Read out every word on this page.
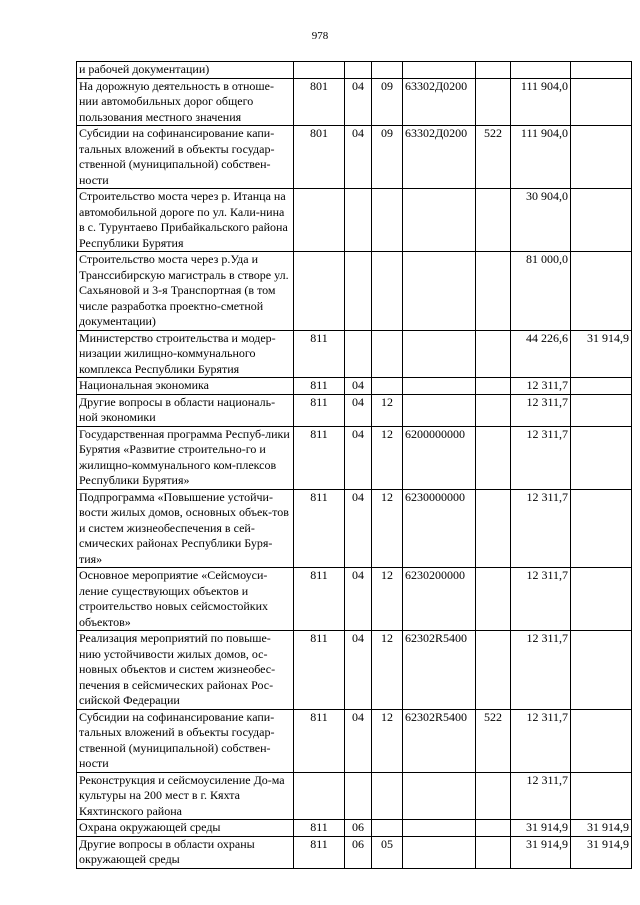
978
и рабочей документации)							
На дорожную деятельность в отноше-нии автомобильных дорог общего пользования местного значения	801	04	09	63302Д0200		111 904,0	
Субсидии на софинансирование капи-тальных вложений в объекты государ-ственной (муниципальной) собствен-ности	801	04	09	63302Д0200	522	111 904,0	
Строительство моста через р. Итанца на автомобильной дороге по ул. Кали-нина в с. Турунтаево Прибайкальского района Республики Бурятия						30 904,0	
Строительство моста через р.Уда и Транссибирскую магистраль в створе ул. Сахьяновой и 3-я Транспортная (в том числе разработка проектно-сметной документации)						81 000,0	
Министерство строительства и модер-низации жилищно-коммунального комплекса Республики Бурятия	811					44 226,6	31 914,9
Национальная экономика	811	04				12 311,7	
Другие вопросы в области националь-ной экономики	811	04	12			12 311,7	
Государственная программа Респуб-лики Бурятия «Развитие строительно-го и жилищно-коммунального ком-плексов Республики Бурятия»	811	04	12	6200000000		12 311,7	
Подпрограмма «Повышение устойчи-вости жилых домов, основных объек-тов и систем жизнеобеспечения в сей-смических районах Республики Буря-тия»	811	04	12	6230000000		12 311,7	
Основное мероприятие «Сейсмоуси-ление существующих объектов и строительство новых сейсмостойких объектов»	811	04	12	6230200000		12 311,7	
Реализация мероприятий по повыше-нию устойчивости жилых домов, ос-новных объектов и систем жизнеобес-печения в сейсмических районах Рос-сийской Федерации	811	04	12	62302R5400		12 311,7	
Субсидии на софинансирование капи-тальных вложений в объекты государ-ственной (муниципальной) собствен-ности	811	04	12	62302R5400	522	12 311,7	
Реконструкция и сейсмоусиление До-ма культуры на 200 мест в г. Кяхта Кяхтинского района						12 311,7	
Охрана окружающей среды	811	06				31 914,9	31 914,9
Другие вопросы в области охраны окружающей среды	811	06	05			31 914,9	31 914,9
